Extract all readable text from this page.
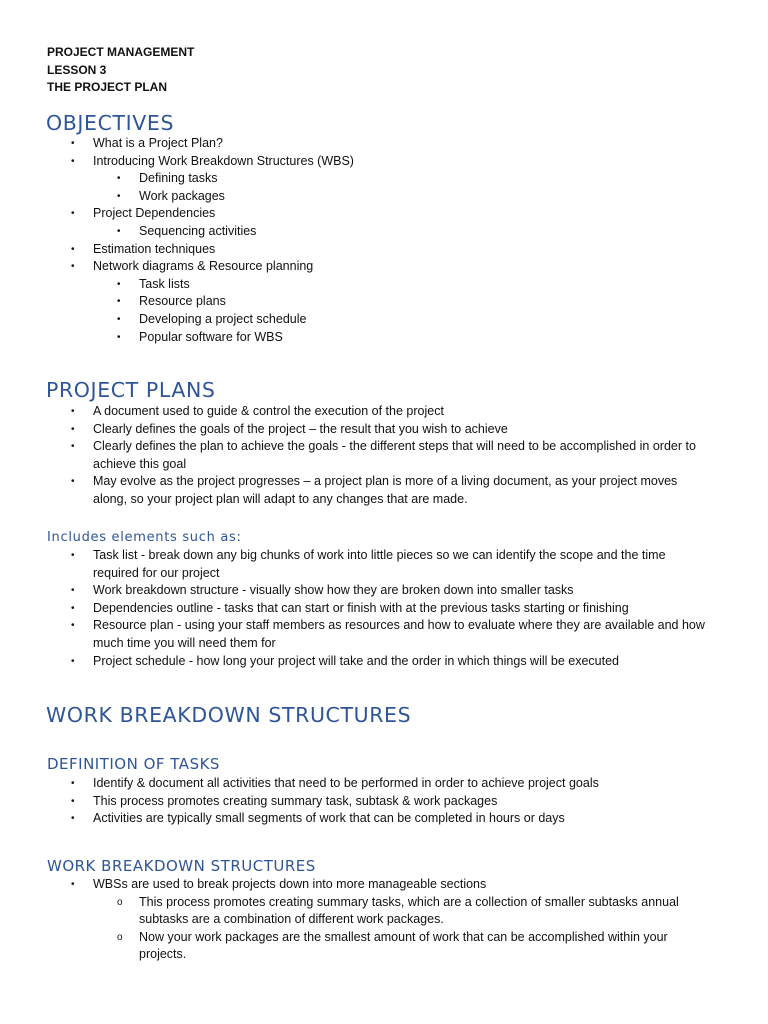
PROJECT MANAGEMENT
LESSON 3
THE PROJECT PLAN
OBJECTIVES
• What is a Project Plan?
• Introducing Work Breakdown Structures (WBS)
• Defining tasks
• Work packages
• Project Dependencies
• Sequencing activities
• Estimation techniques
• Network diagrams & Resource planning
• Task lists
• Resource plans
• Developing a project schedule
• Popular software for WBS
PROJECT PLANS
• A document used to guide & control the execution of the project
• Clearly defines the goals of the project – the result that you wish to achieve
• Clearly defines the plan to achieve the goals - the different steps that will need to be accomplished in order to achieve this goal
• May evolve as the project progresses – a project plan is more of a living document, as your project moves along, so your project plan will adapt to any changes that are made.
Includes elements such as:
• Task list - break down any big chunks of work into little pieces so we can identify the scope and the time required for our project
• Work breakdown structure - visually show how they are broken down into smaller tasks
• Dependencies outline - tasks that can start or finish with at the previous tasks starting or finishing
• Resource plan - using your staff members as resources and how to evaluate where they are available and how much time you will need them for
• Project schedule - how long your project will take and the order in which things will be executed
WORK BREAKDOWN STRUCTURES
DEFINITION OF TASKS
• Identify & document all activities that need to be performed in order to achieve project goals
• This process promotes creating summary task, subtask & work packages
• Activities are typically small segments of work that can be completed in hours or days
WORK BREAKDOWN STRUCTURES
• WBSs are used to break projects down into more manageable sections
o This process promotes creating summary tasks, which are a collection of smaller subtasks annual subtasks are a combination of different work packages.
o Now your work packages are the smallest amount of work that can be accomplished within your projects.
